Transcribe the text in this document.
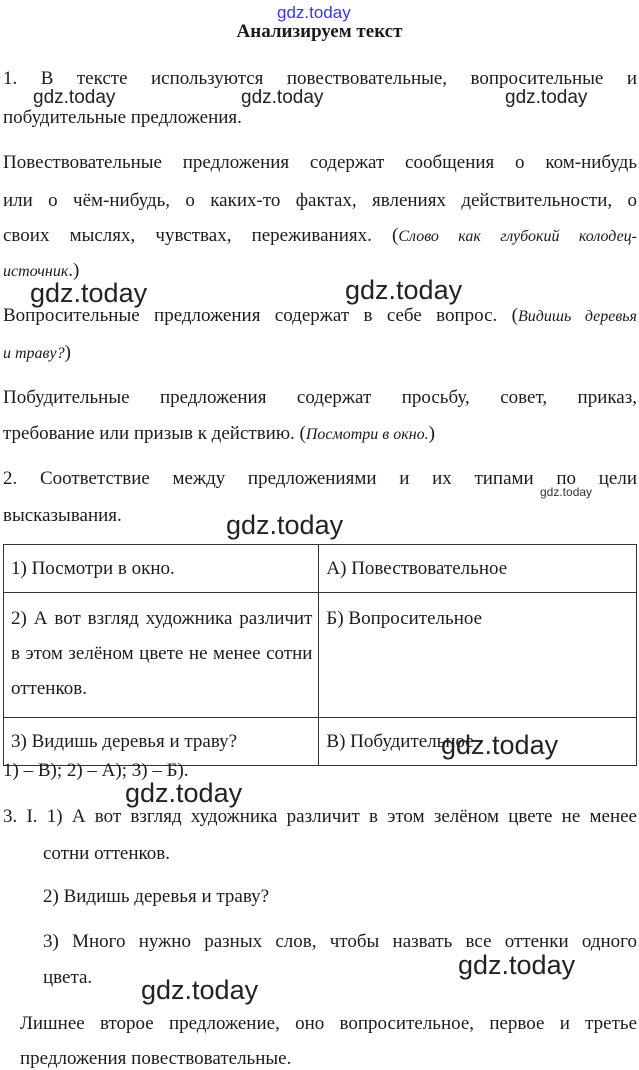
gdz.today
gdz.today	gdz.today	gdz.today
gdz.today	gdz.today
gdz.today
gdz.today
gdz.today
gdz.today
gdz.today
gdz.today
Анализируем текст
1. В тексте используются повествовательные, вопросительные и
побудительные предложения.
Повествовательные предложения содержат сообщения о ком-нибудь
или о чём-нибудь, о каких-то фактах, явлениях действительности, о
своих мыслях, чувствах, переживаниях. (Слово как глубокий колодец-
источник.)
Вопросительные предложения содержат в себе вопрос. (Видишь деревья
и траву?)
Побудительные предложения содержат просьбу, совет, приказ,
требование или призыв к действию. (Посмотри в окно.)
2. Соответствие между предложениями и их типами по цели
высказывания.
1) Посмотри в окно.	А) Повествовательное
2) А вот взгляд художника различит в этом зелёном цвете не менее сотни оттенков.	Б) Вопросительное
3) Видишь деревья и траву?	В) Побудительное
1) – В); 2) – А); 3) – Б).
3. I. 1) А вот взгляд художника различит в этом зелёном цвете не менее
сотни оттенков.
2) Видишь деревья и траву?
3) Много нужно разных слов, чтобы назвать все оттенки одного
цвета.
Лишнее второе предложение, оно вопросительное, первое и третье
предложения повествовательные.
